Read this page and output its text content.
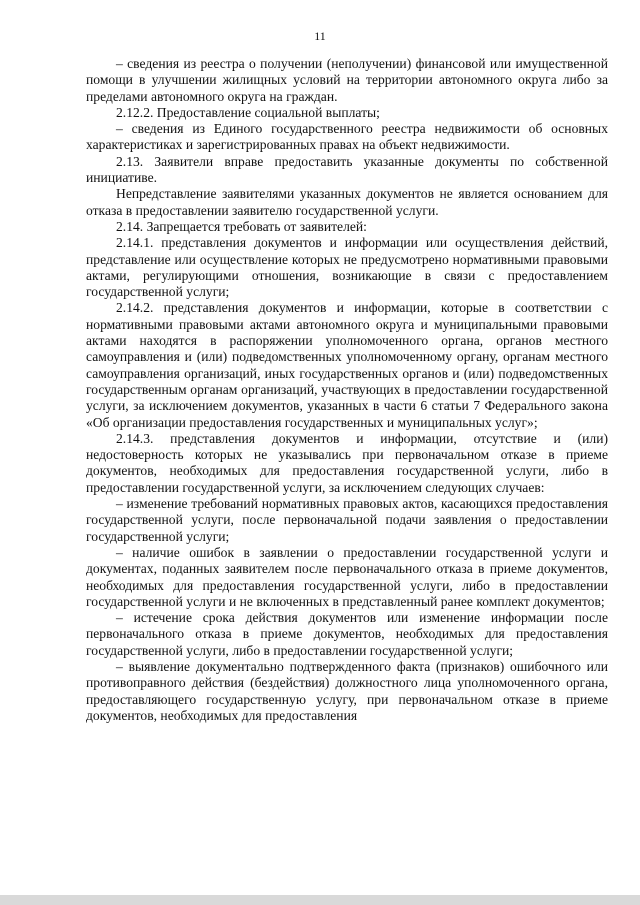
11

– сведения из реестра о получении (неполучении) финансовой или имущественной помощи в улучшении жилищных условий на территории автономного округа либо за пределами автономного округа на граждан.

2.12.2. Предоставление социальной выплаты;

– сведения из Единого государственного реестра недвижимости об основных характеристиках и зарегистрированных правах на объект недвижимости.

2.13. Заявители вправе предоставить указанные документы по собственной инициативе.

Непредставление заявителями указанных документов не является основанием для отказа в предоставлении заявителю государственной услуги.

2.14. Запрещается требовать от заявителей:

2.14.1. представления документов и информации или осуществления действий, представление или осуществление которых не предусмотрено нормативными правовыми актами, регулирующими отношения, возникающие в связи с предоставлением государственной услуги;

2.14.2. представления документов и информации, которые в соответствии с нормативными правовыми актами автономного округа и муниципальными правовыми актами находятся в распоряжении уполномоченного органа, органов местного самоуправления и (или) подведомственных уполномоченному органу, органам местного самоуправления организаций, иных государственных органов и (или) подведомственных государственным органам организаций, участвующих в предоставлении государственной услуги, за исключением документов, указанных в части 6 статьи 7 Федерального закона «Об организации предоставления государственных и муниципальных услуг»;

2.14.3. представления документов и информации, отсутствие и (или) недостоверность которых не указывались при первоначальном отказе в приеме документов, необходимых для предоставления государственной услуги, либо в предоставлении государственной услуги, за исключением следующих случаев:

– изменение требований нормативных правовых актов, касающихся предоставления государственной услуги, после первоначальной подачи заявления о предоставлении государственной услуги;

– наличие ошибок в заявлении о предоставлении государственной услуги и документах, поданных заявителем после первоначального отказа в приеме документов, необходимых для предоставления государственной услуги, либо в предоставлении государственной услуги и не включенных в представленный ранее комплект документов;

– истечение срока действия документов или изменение информации после первоначального отказа в приеме документов, необходимых для предоставления государственной услуги, либо в предоставлении государственной услуги;

– выявление документально подтвержденного факта (признаков) ошибочного или противоправного действия (бездействия) должностного лица уполномоченного органа, предоставляющего государственную услугу, при первоначальном отказе в приеме документов, необходимых для предоставления
